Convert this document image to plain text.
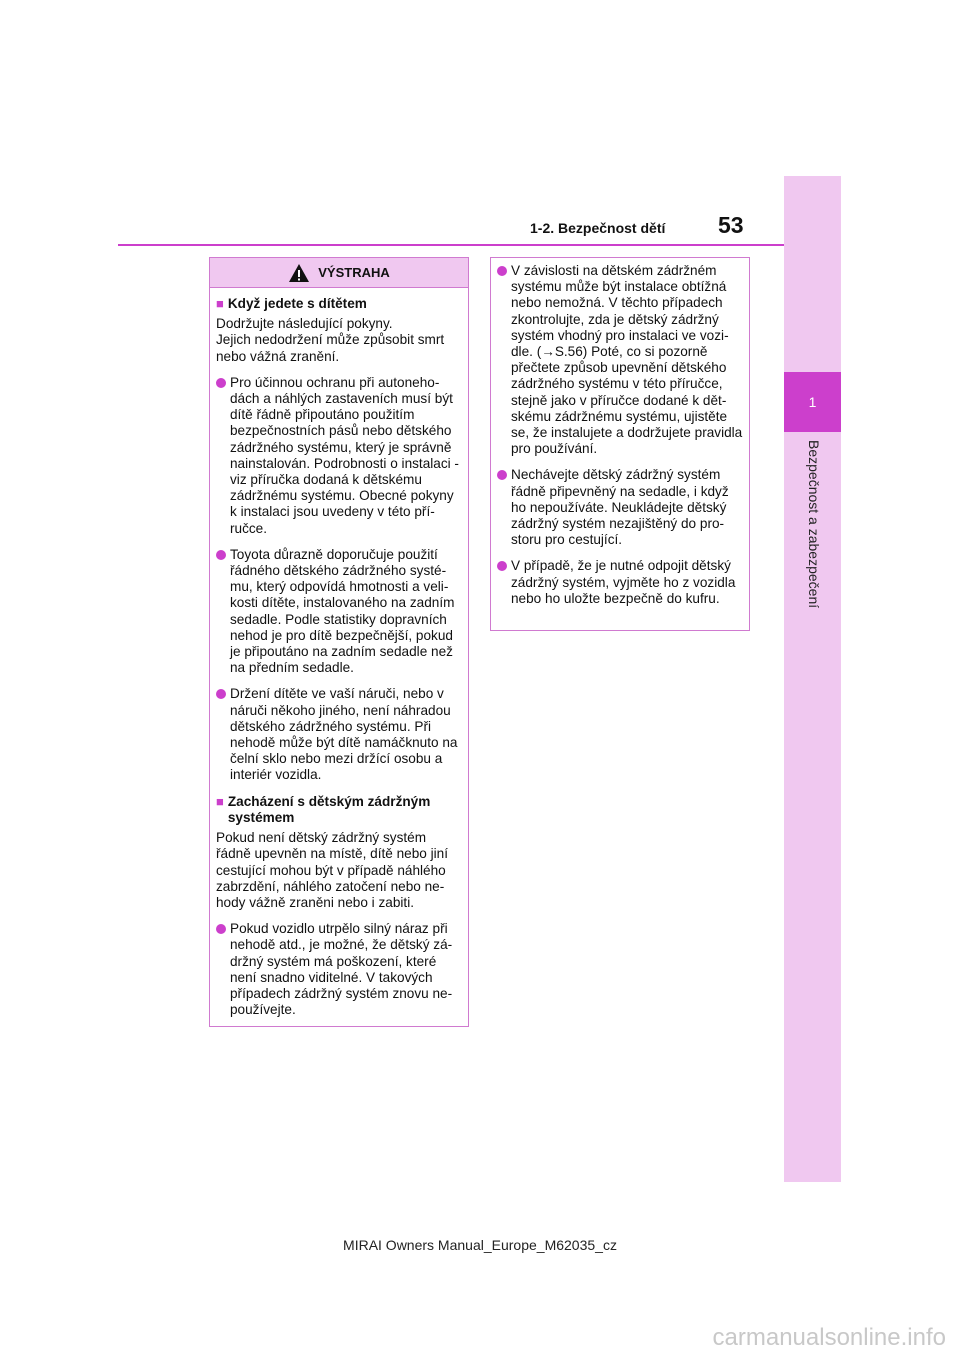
1
Bezpečnost a zabezpečení
1-2. Bezpečnost dětí 53
VÝSTRAHA
■ Když jedete s dítětem
Dodržujte následující pokyny.
Jejich nedodržení může způsobit smrt nebo vážná zranění.
Pro účinnou ochranu při autonehodách a náhlých zastaveních musí být dítě řádně připoutáno použitím bezpečnostních pásů nebo dětského zádržného systému, který je správně nainstalován. Podrobnosti o instalaci - viz příručka dodaná k dětskému zádržnému systému. Obecné pokyny k instalaci jsou uvedeny v této příručce.
Toyota důrazně doporučuje použití řádného dětského zádržného systému, který odpovídá hmotnosti a velikosti dítěte, instalovaného na zadním sedadle. Podle statistiky dopravních nehod je pro dítě bezpečnější, pokud je připoutáno na zadním sedadle než na předním sedadle.
Držení dítěte ve vaší náruči, nebo v náruči někoho jiného, není náhradou dětského zádržného systému. Při nehodě může být dítě namáčknuto na čelní sklo nebo mezi držící osobu a interiér vozidla.
■ Zacházení s dětským zádržným systémem
Pokud není dětský zádržný systém řádně upevněn na místě, dítě nebo jiní cestující mohou být v případě náhlého zabrzdění, náhlého zatočení nebo nehody vážně zraněni nebo i zabiti.
Pokud vozidlo utrpělo silný náraz při nehodě atd., je možné, že dětský zádržný systém má poškození, které není snadno viditelné. V takových případech zádržný systém znovu nepoužívejte.
V závislosti na dětském zádržném systému může být instalace obtížná nebo nemožná. V těchto případech zkontrolujte, zda je dětský zádržný systém vhodný pro instalaci ve vozidle. (→S.56) Poté, co si pozorně přečtete způsob upevnění dětského zádržného systému v této příručce, stejně jako v příručce dodané k dětskému zádržnému systému, ujistěte se, že instalujete a dodržujete pravidla pro používání.
Nechávejte dětský zádržný systém řádně připevněný na sedadle, i když ho nepoužíváte. Neukládejte dětský zádržný systém nezajištěný do prostoru pro cestující.
V případě, že je nutné odpojit dětský zádržný systém, vyjměte ho z vozidla nebo ho uložte bezpečně do kufru.
MIRAI Owners Manual_Europe_M62035_cz
carmanualsonline.info
